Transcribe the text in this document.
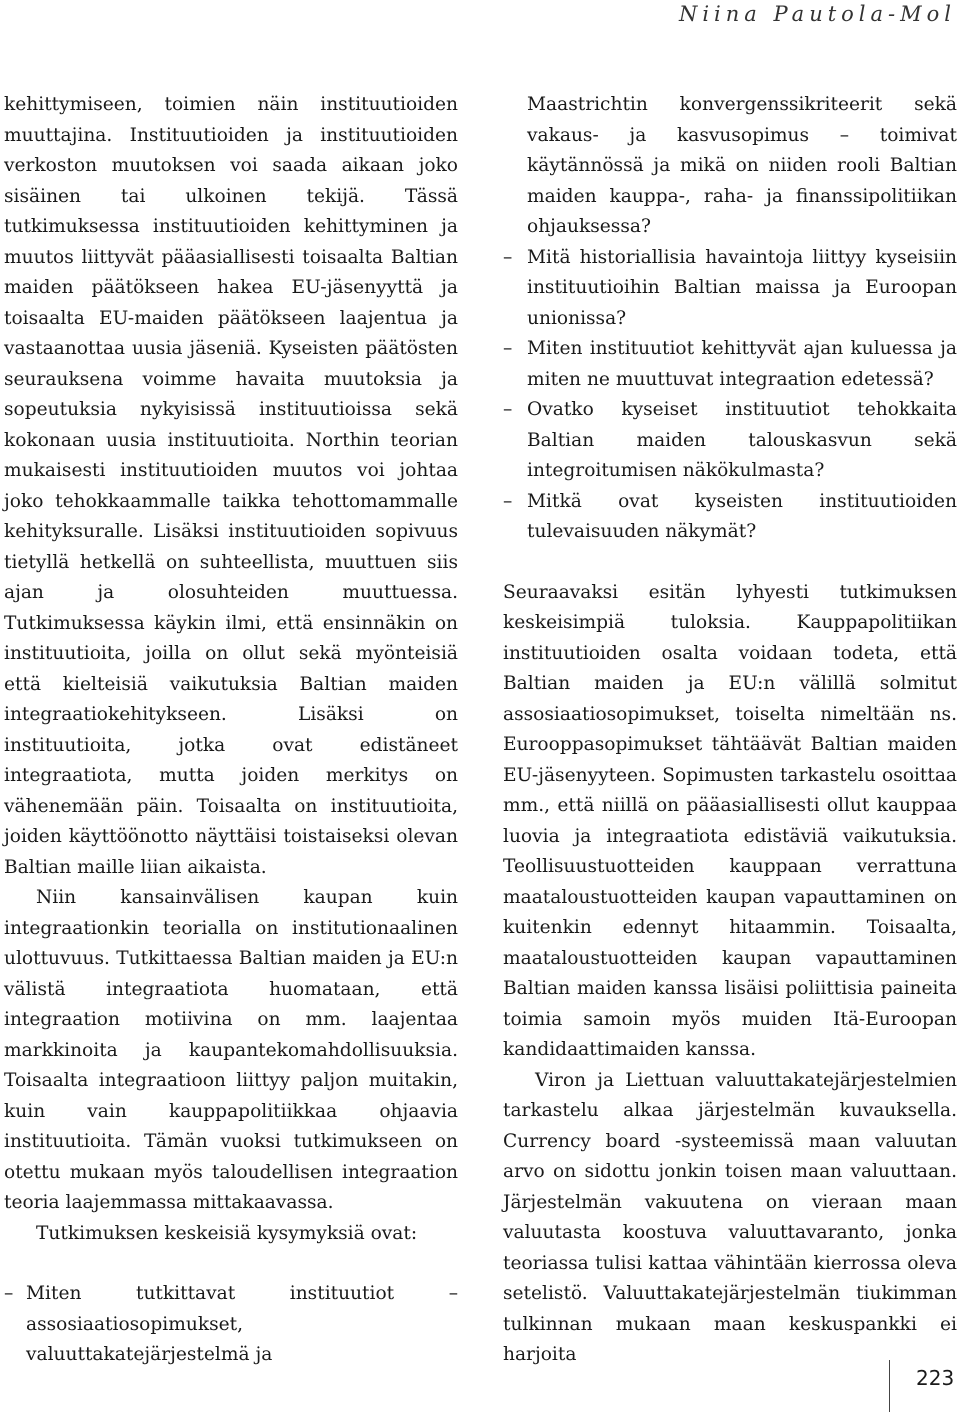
Niina Pautola-Mol

kehittymiseen, toimien näin instituutioiden muuttajina. Instituutioiden ja instituutioiden verkoston muutoksen voi saada aikaan joko sisäinen tai ulkoinen tekijä. Tässä tutkimuksessa instituutioiden kehittyminen ja muutos liittyvät pääasiallisesti toisaalta Baltian maiden päätökseen hakea EU-jäsenyyttä ja toisaalta EU-maiden päätökseen laajentua ja vastaanottaa uusia jäseniä. Kyseisten päätösten seurauksena voimme havaita muutoksia ja sopeutuksia nykyisissä instituutioissa sekä kokonaan uusia instituutioita. Northin teorian mukaisesti instituutioiden muutos voi johtaa joko tehokkaammalle taikka tehottomammalle kehityksuralle. Lisäksi instituutioiden sopivuus tietyllä hetkellä on suhteellista, muuttuen siis ajan ja olosuhteiden muuttuessa. Tutkimuksessa käykin ilmi, että ensinnäkin on instituutioita, joilla on ollut sekä myönteisiä että kielteisiä vaikutuksia Baltian maiden integraatiokehitykseen. Lisäksi on instituutioita, jotka ovat edistäneet integraatiota, mutta joiden merkitys on vähenemään päin. Toisaalta on instituutioita, joiden käyttöönotto näyttäisi toistaiseksi olevan Baltian maille liian aikaista.

Niin kansainvälisen kaupan kuin integraationkin teorialla on institutionaalinen ulottuvuus. Tutkittaessa Baltian maiden ja EU:n välistä integraatiota huomataan, että integraation motiivina on mm. laajentaa markkinoita ja kaupantekomahdollisuuksia. Toisaalta integraatioon liittyy paljon muitakin, kuin vain kauppapolitiikkaa ohjaavia instituutioita. Tämän vuoksi tutkimukseen on otettu mukaan myös taloudellisen integraation teoria laajemmassa mittakaavassa.

Tutkimuksen keskeisiä kysymyksiä ovat:

– Miten tutkittavat instituutiot – assosiaatiosopimukset, valuuttakatejärjestelmä ja
Maastrichtin konvergenssikriteerit sekä vakaus- ja kasvusopimus – toimivat käytännössä ja mikä on niiden rooli Baltian maiden kauppa-, raha- ja finanssipolitiikan ohjauksessa?
– Mitä historiallisia havaintoja liittyy kyseisiin instituutioihin Baltian maissa ja Euroopan unionissa?
– Miten instituutiot kehittyvät ajan kuluessa ja miten ne muuttuvat integraation edetessä?
– Ovatko kyseiset instituutiot tehokkaita Baltian maiden talouskasvun sekä integroitumisen näkökulmasta?
– Mitkä ovat kyseisten instituutioiden tulevaisuuden näkymät?

Seuraavaksi esitän lyhyesti tutkimuksen keskeisimpiä tuloksia. Kauppapolitiikan instituutioiden osalta voidaan todeta, että Baltian maiden ja EU:n välillä solmitut assosiaatiosopimukset, toiselta nimeltään ns. Eurooppasopimukset tähtäävät Baltian maiden EU-jäsenyyteen. Sopimusten tarkastelu osoittaa mm., että niillä on pääasiallisesti ollut kauppaa luovia ja integraatiota edistäviä vaikutuksia. Teollisuustuotteiden kauppaan verrattuna maataloustuotteiden kaupan vapauttaminen on kuitenkin edennyt hitaammin. Toisaalta, maataloustuotteiden kaupan vapauttaminen Baltian maiden kanssa lisäisi poliittisia paineita toimia samoin myös muiden Itä-Euroopan kandidaattimaiden kanssa.

Viron ja Liettuan valuuttakatejärjestelmien tarkastelu alkaa järjestelmän kuvauksella. Currency board -systeemissä maan valuutan arvo on sidottu jonkin toisen maan valuuttaan. Järjestelmän vakuutena on vieraan maan valuutasta koostuva valuuttavaranto, jonka teoriassa tulisi kattaa vähintään kierrossa oleva setelistö. Valuuttakatejärjestelmän tiukimman tulkinnan mukaan maan keskuspankki ei harjoita

223
